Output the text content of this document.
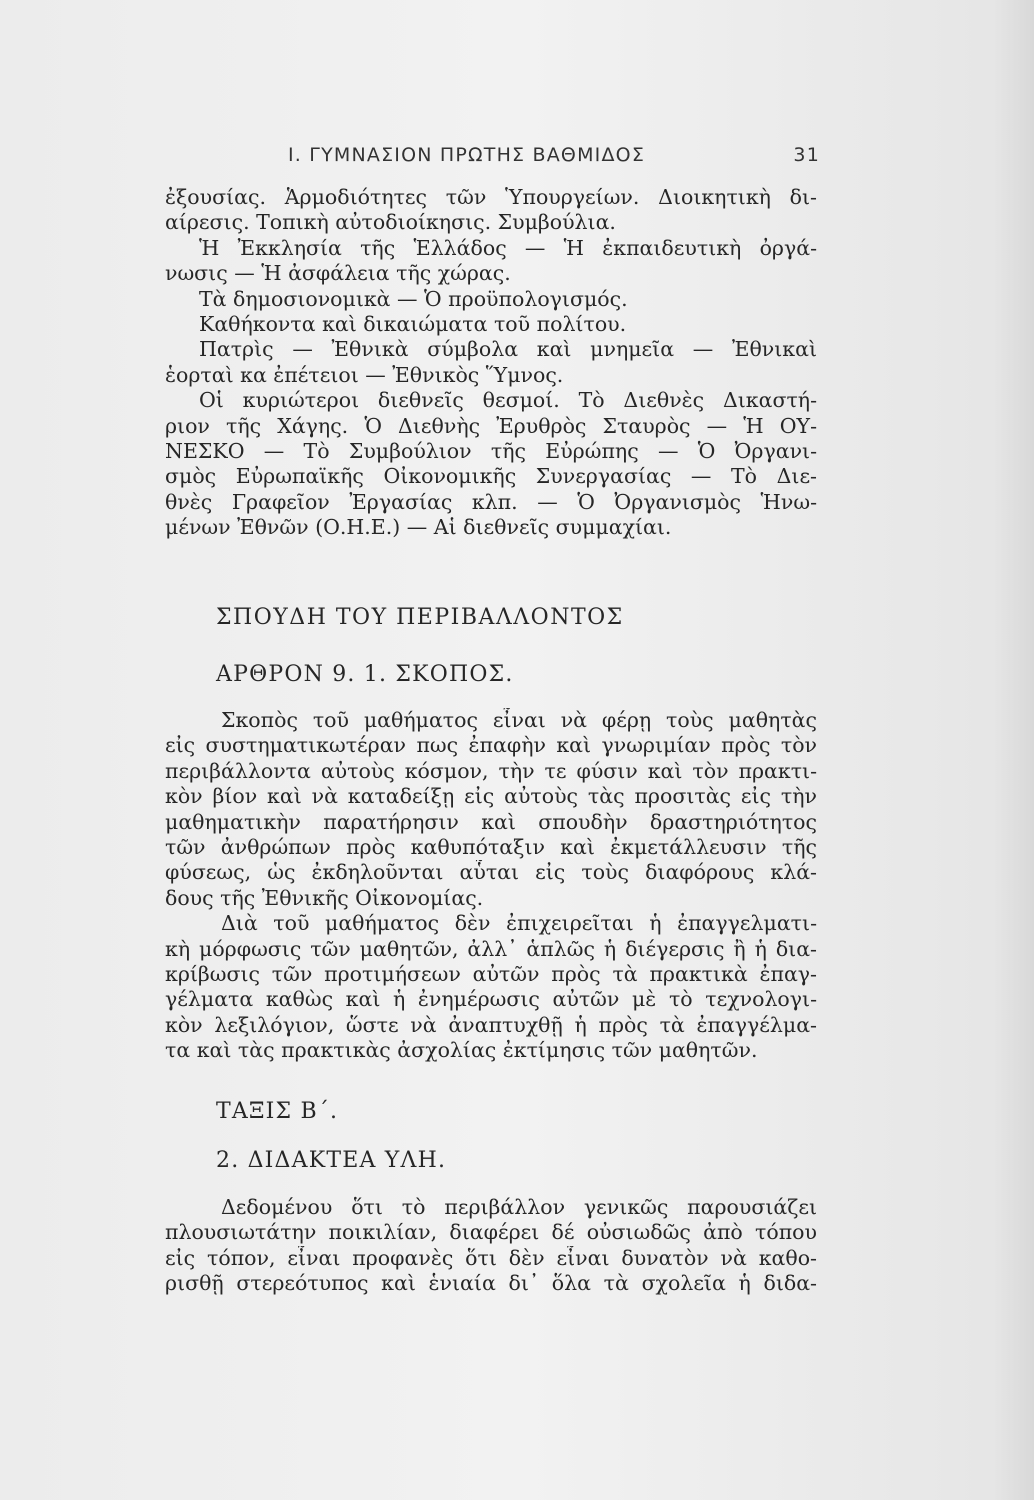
I. ΓΥΜΝΑΣΙΟΝ ΠΡΩΤΗΣ ΒΑΘΜΙΔΟΣ	31
ἐξουσίας. Ἁρμοδιότητες τῶν Ὑπουργείων. Διοικητικὴ δι-
αίρεσις. Τοπικὴ αὐτοδιοίκησις. Συμβούλια.
Ἡ Ἐκκλησία τῆς Ἑλλάδος — Ἡ ἐκπαιδευτικὴ ὀργά-
νωσις — Ἡ ἀσφάλεια τῆς χώρας.
Τὰ δημοσιονομικὰ — Ὁ προϋπολογισμός.
Καθήκοντα καὶ δικαιώματα τοῦ πολίτου.
Πατρὶς — Ἐθνικὰ σύμβολα καὶ μνημεῖα — Ἐθνικαὶ
ἑορταὶ κα ἐπέτειοι — Ἐθνικὸς Ὕμνος.
Οἱ κυριώτεροι διεθνεῖς θεσμοί. Τὸ Διεθνὲς Δικαστή-
ριον τῆς Χάγης. Ὁ Διεθνὴς Ἐρυθρὸς Σταυρὸς — Ἡ ΟΥ-
ΝΕΣΚΟ — Τὸ Συμβούλιον τῆς Εὐρώπης — Ὁ Ὀργανι-
σμὸς Εὐρωπαϊκῆς Οἰκονομικῆς Συνεργασίας — Τὸ Διε-
θνὲς Γραφεῖον Ἐργασίας κλπ. — Ὁ Ὀργανισμὸς Ἡνω-
μένων Ἐθνῶν (Ο.Η.Ε.) — Αἱ διεθνεῖς συμμαχίαι.
ΣΠΟΥΔΗ ΤΟΥ ΠΕΡΙΒΑΛΛΟΝΤΟΣ
ΑΡΘΡΟΝ 9. 1. ΣΚΟΠΟΣ.
Σκοπὸς τοῦ μαθήματος εἶναι νὰ φέρῃ τοὺς μαθητὰς
εἰς συστηματικωτέραν πως ἐπαφὴν καὶ γνωριμίαν πρὸς τὸν
περιβάλλοντα αὐτοὺς κόσμον, τὴν τε φύσιν καὶ τὸν πρακτι-
κὸν βίον καὶ νὰ καταδείξῃ εἰς αὐτοὺς τὰς προσιτὰς εἰς τὴν
μαθηματικὴν παρατήρησιν καὶ σπουδὴν δραστηριότητος
τῶν ἀνθρώπων πρὸς καθυπόταξιν καὶ ἐκμετάλλευσιν τῆς
φύσεως, ὡς ἐκδηλοῦνται αὗται εἰς τοὺς διαφόρους κλά-
δους τῆς Ἐθνικῆς Οἰκονομίας.
Διὰ τοῦ μαθήματος δὲν ἐπιχειρεῖται ἡ ἐπαγγελματι-
κὴ μόρφωσις τῶν μαθητῶν, ἀλλ᾽ ἁπλῶς ἡ διέγερσις ἢ ἡ δια-
κρίβωσις τῶν προτιμήσεων αὐτῶν πρὸς τὰ πρακτικὰ ἐπαγ-
γέλματα καθὼς καὶ ἡ ἐνημέρωσις αὐτῶν μὲ τὸ τεχνολογι-
κὸν λεξιλόγιον, ὥστε νὰ ἀναπτυχθῇ ἡ πρὸς τὰ ἐπαγγέλμα-
τα καὶ τὰς πρακτικὰς ἀσχολίας ἐκτίμησις τῶν μαθητῶν.
ΤΑΞΙΣ Β΄.
2. ΔΙΔΑΚΤΕΑ ΥΛΗ.
Δεδομένου ὅτι τὸ περιβάλλον γενικῶς παρουσιάζει
πλουσιωτάτην ποικιλίαν, διαφέρει δέ οὐσιωδῶς ἀπὸ τόπου
εἰς τόπον, εἶναι προφανὲς ὅτι δὲν εἶναι δυνατὸν νὰ καθο-
ρισθῇ στερεότυπος καὶ ἑνιαία δι᾽ ὅλα τὰ σχολεῖα ἡ διδα-
